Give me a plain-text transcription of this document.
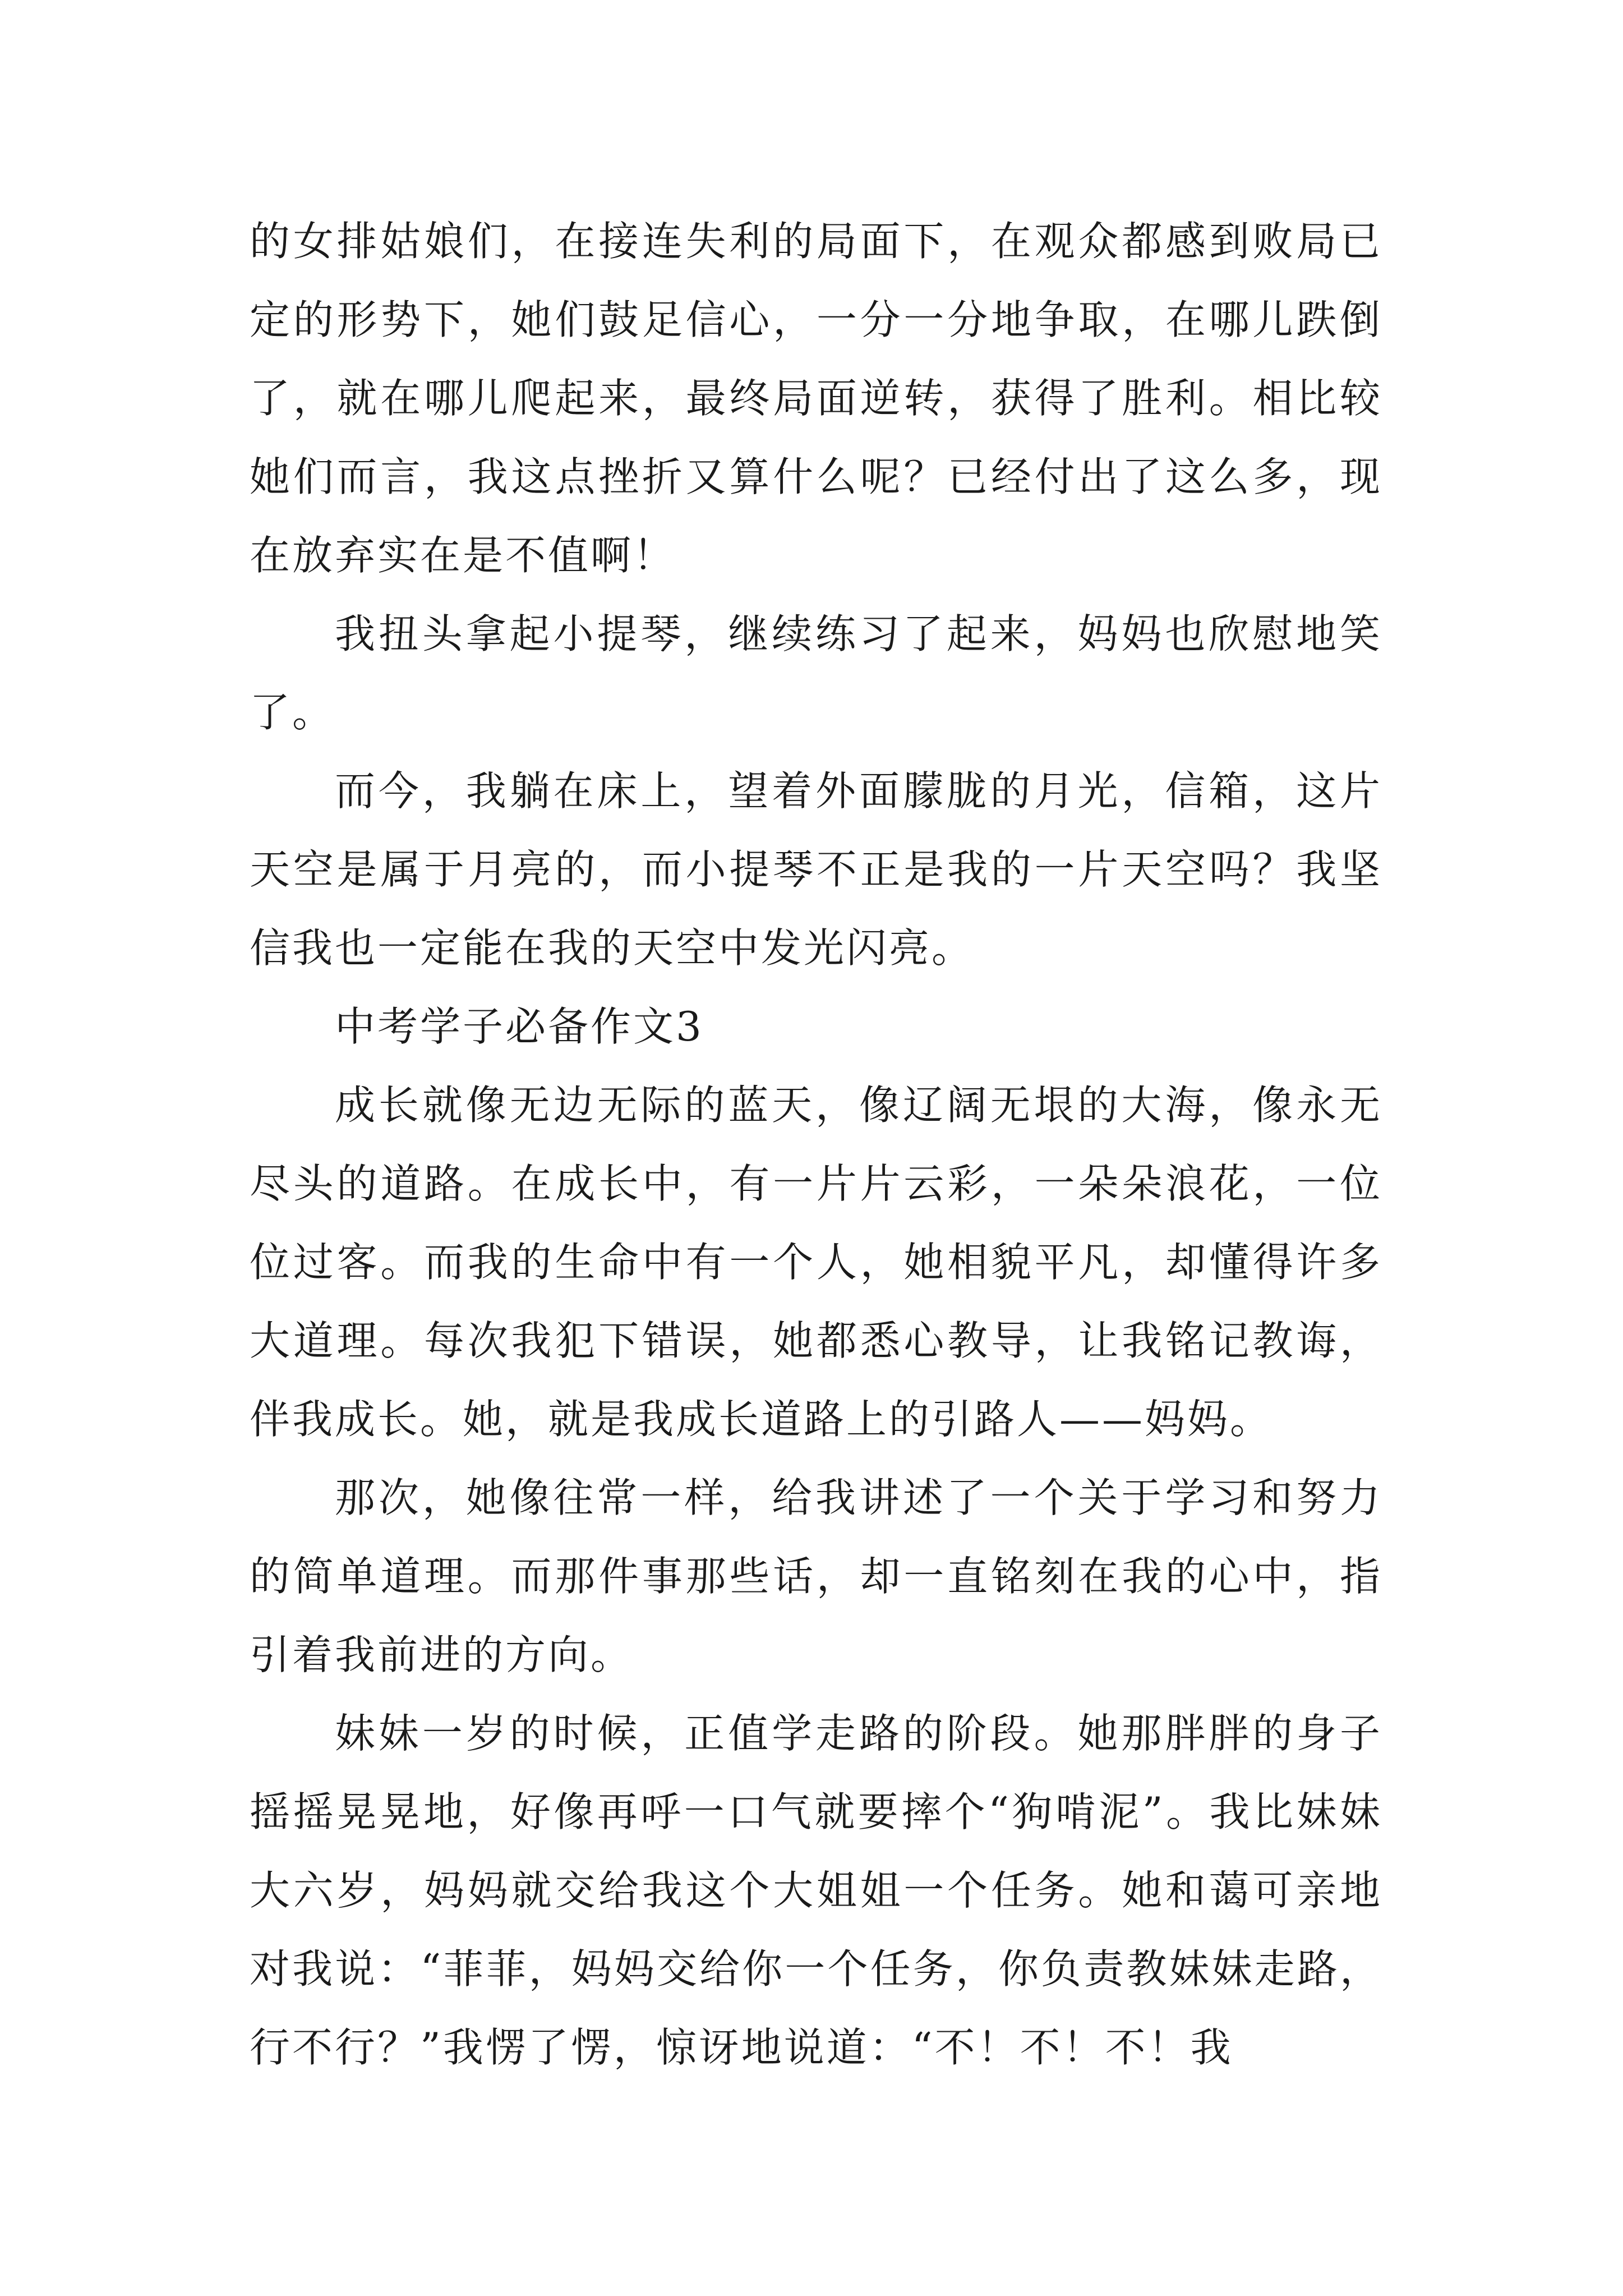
的女排姑娘们，在接连失利的局面下，在观众都感到败局已定的形势下，她们鼓足信心，一分一分地争取，在哪儿跌倒了，就在哪儿爬起来，最终局面逆转，获得了胜利。相比较她们而言，我这点挫折又算什么呢？已经付出了这么多，现在放弃实在是不值啊！

我扭头拿起小提琴，继续练习了起来，妈妈也欣慰地笑了。

而今，我躺在床上，望着外面朦胧的月光，信箱，这片天空是属于月亮的，而小提琴不正是我的一片天空吗？我坚信我也一定能在我的天空中发光闪亮。

中考学子必备作文3

成长就像无边无际的蓝天，像辽阔无垠的大海，像永无尽头的道路。在成长中，有一片片云彩，一朵朵浪花，一位位过客。而我的生命中有一个人，她相貌平凡，却懂得许多大道理。每次我犯下错误，她都悉心教导，让我铭记教诲，伴我成长。她，就是我成长道路上的引路人——妈妈。

那次，她像往常一样，给我讲述了一个关于学习和努力的简单道理。而那件事那些话，却一直铭刻在我的心中，指引着我前进的方向。

妹妹一岁的时候，正值学走路的阶段。她那胖胖的身子摇摇晃晃地，好像再呼一口气就要摔个“狗啃泥”。我比妹妹大六岁，妈妈就交给我这个大姐姐一个任务。她和蔼可亲地对我说：“菲菲，妈妈交给你一个任务，你负责教妹妹走路，行不行？”我愣了愣，惊讶地说道：“不！不！不！我
